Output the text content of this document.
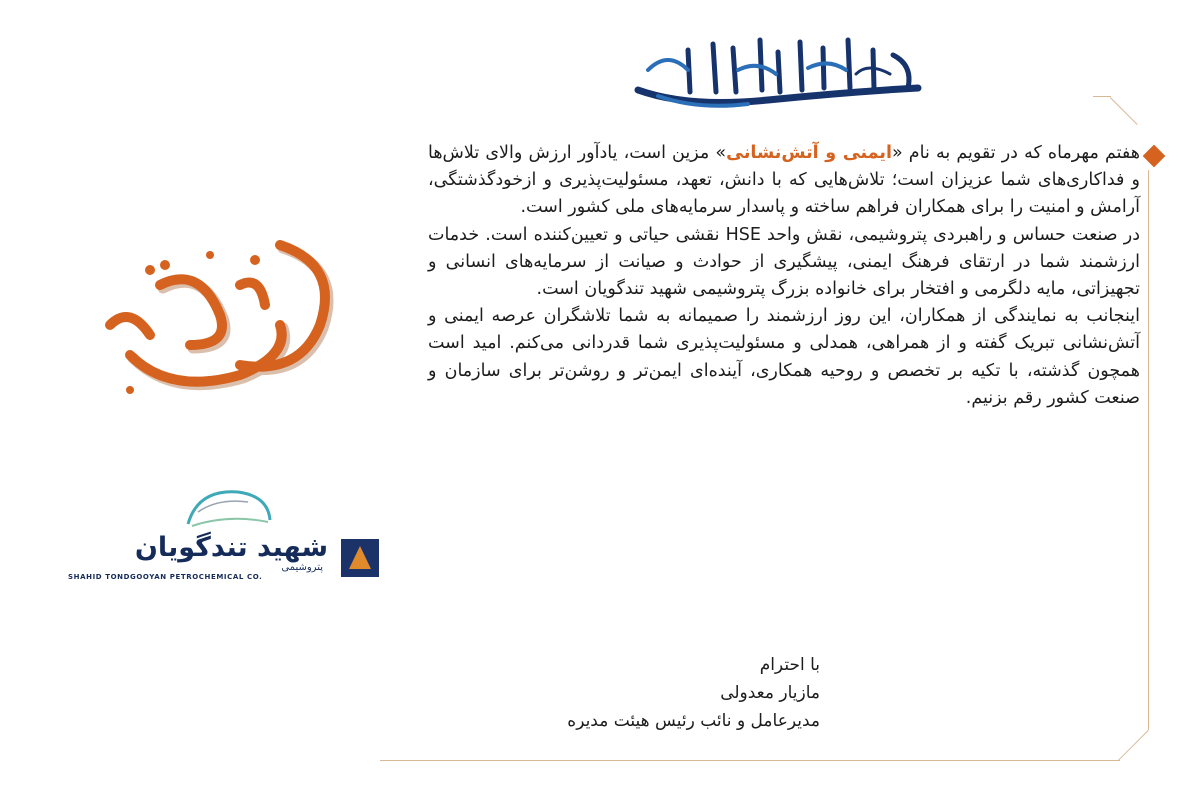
شهید تندگویان
پتروشیمی
SHAHID TONDGOOYAN PETROCHEMICAL CO.

هفتم مهرماه که در تقویم به نام «ایمنی و آتش‌نشانی» مزین است، یادآور ارزش والای تلاش‌ها و فداکاری‌های شما عزیزان است؛ تلاش‌هایی که با دانش، تعهد، مسئولیت‌پذیری و ازخودگذشتگی، آرامش و امنیت را برای همکاران فراهم ساخته و پاسدار سرمایه‌های ملی کشور است.

در صنعت حساس و راهبردی پتروشیمی، نقش واحد HSE نقشی حیاتی و تعیین‌کننده است. خدمات ارزشمند شما در ارتقای فرهنگ ایمنی، پیشگیری از حوادث و صیانت از سرمایه‌های انسانی و تجهیزاتی، مایه دلگرمی و افتخار برای خانواده بزرگ پتروشیمی شهید تندگویان است.

اینجانب به نمایندگی از همکاران، این روز ارزشمند را صمیمانه به شما تلاشگران عرصه ایمنی و آتش‌نشانی تبریک گفته و از همراهی، همدلی و مسئولیت‌پذیری شما قدردانی می‌کنم. امید است همچون گذشته، با تکیه بر تخصص و روحیه همکاری، آینده‌ای ایمن‌تر و روشن‌تر برای سازمان و صنعت کشور رقم بزنیم.

با احترام
مازیار معدولی
مدیرعامل و نائب رئیس هیئت مدیره
